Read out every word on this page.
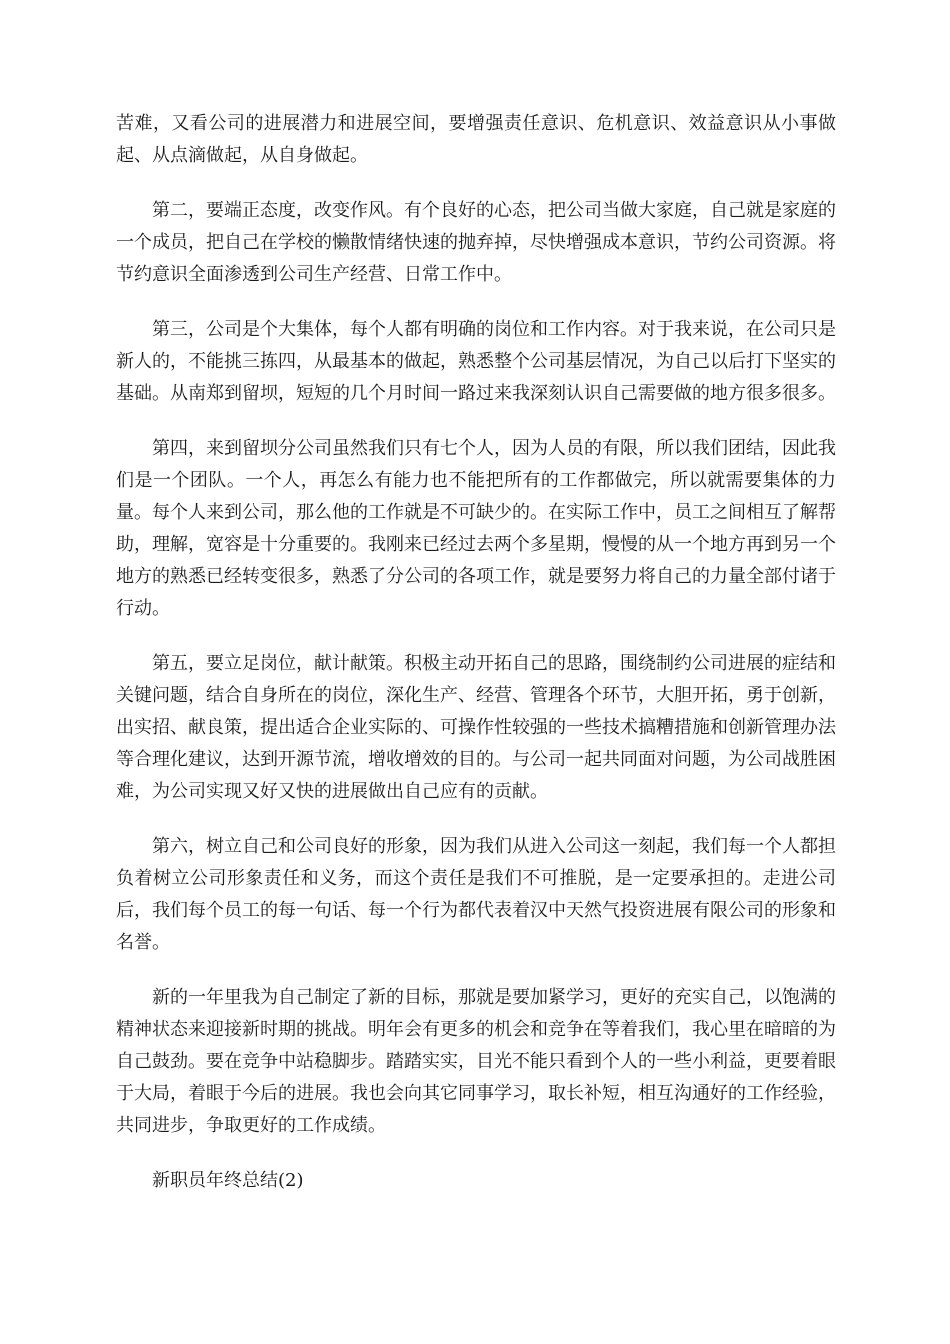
苦难，又看公司的进展潜力和进展空间，要增强责任意识、危机意识、效益意识从小事做起、从点滴做起，从自身做起。

第二，要端正态度，改变作风。有个良好的心态，把公司当做大家庭，自己就是家庭的一个成员，把自己在学校的懒散情绪快速的抛弃掉，尽快增强成本意识，节约公司资源。将节约意识全面渗透到公司生产经营、日常工作中。

第三，公司是个大集体，每个人都有明确的岗位和工作内容。对于我来说，在公司只是新人的，不能挑三拣四，从最基本的做起，熟悉整个公司基层情况，为自己以后打下坚实的基础。从南郑到留坝，短短的几个月时间一路过来我深刻认识自己需要做的地方很多很多。

第四，来到留坝分公司虽然我们只有七个人，因为人员的有限，所以我们团结，因此我们是一个团队。一个人，再怎么有能力也不能把所有的工作都做完，所以就需要集体的力量。每个人来到公司，那么他的工作就是不可缺少的。在实际工作中，员工之间相互了解帮助，理解，宽容是十分重要的。我刚来已经过去两个多星期，慢慢的从一个地方再到另一个地方的熟悉已经转变很多，熟悉了分公司的各项工作，就是要努力将自己的力量全部付诸于行动。

第五，要立足岗位，献计献策。积极主动开拓自己的思路，围绕制约公司进展的症结和关键问题，结合自身所在的岗位，深化生产、经营、管理各个环节，大胆开拓，勇于创新，出实招、献良策，提出适合企业实际的、可操作性较强的一些技术搞糟措施和创新管理办法等合理化建议，达到开源节流，增收增效的目的。与公司一起共同面对问题，为公司战胜困难，为公司实现又好又快的进展做出自己应有的贡献。

第六，树立自己和公司良好的形象，因为我们从进入公司这一刻起，我们每一个人都担负着树立公司形象责任和义务，而这个责任是我们不可推脱，是一定要承担的。走进公司后，我们每个员工的每一句话、每一个行为都代表着汉中天然气投资进展有限公司的形象和名誉。

新的一年里我为自己制定了新的目标，那就是要加紧学习，更好的充实自己，以饱满的精神状态来迎接新时期的挑战。明年会有更多的机会和竞争在等着我们，我心里在暗暗的为自己鼓劲。要在竞争中站稳脚步。踏踏实实，目光不能只看到个人的一些小利益，更要着眼于大局，着眼于今后的进展。我也会向其它同事学习，取长补短，相互沟通好的工作经验，共同进步，争取更好的工作成绩。

新职员年终总结(2)
